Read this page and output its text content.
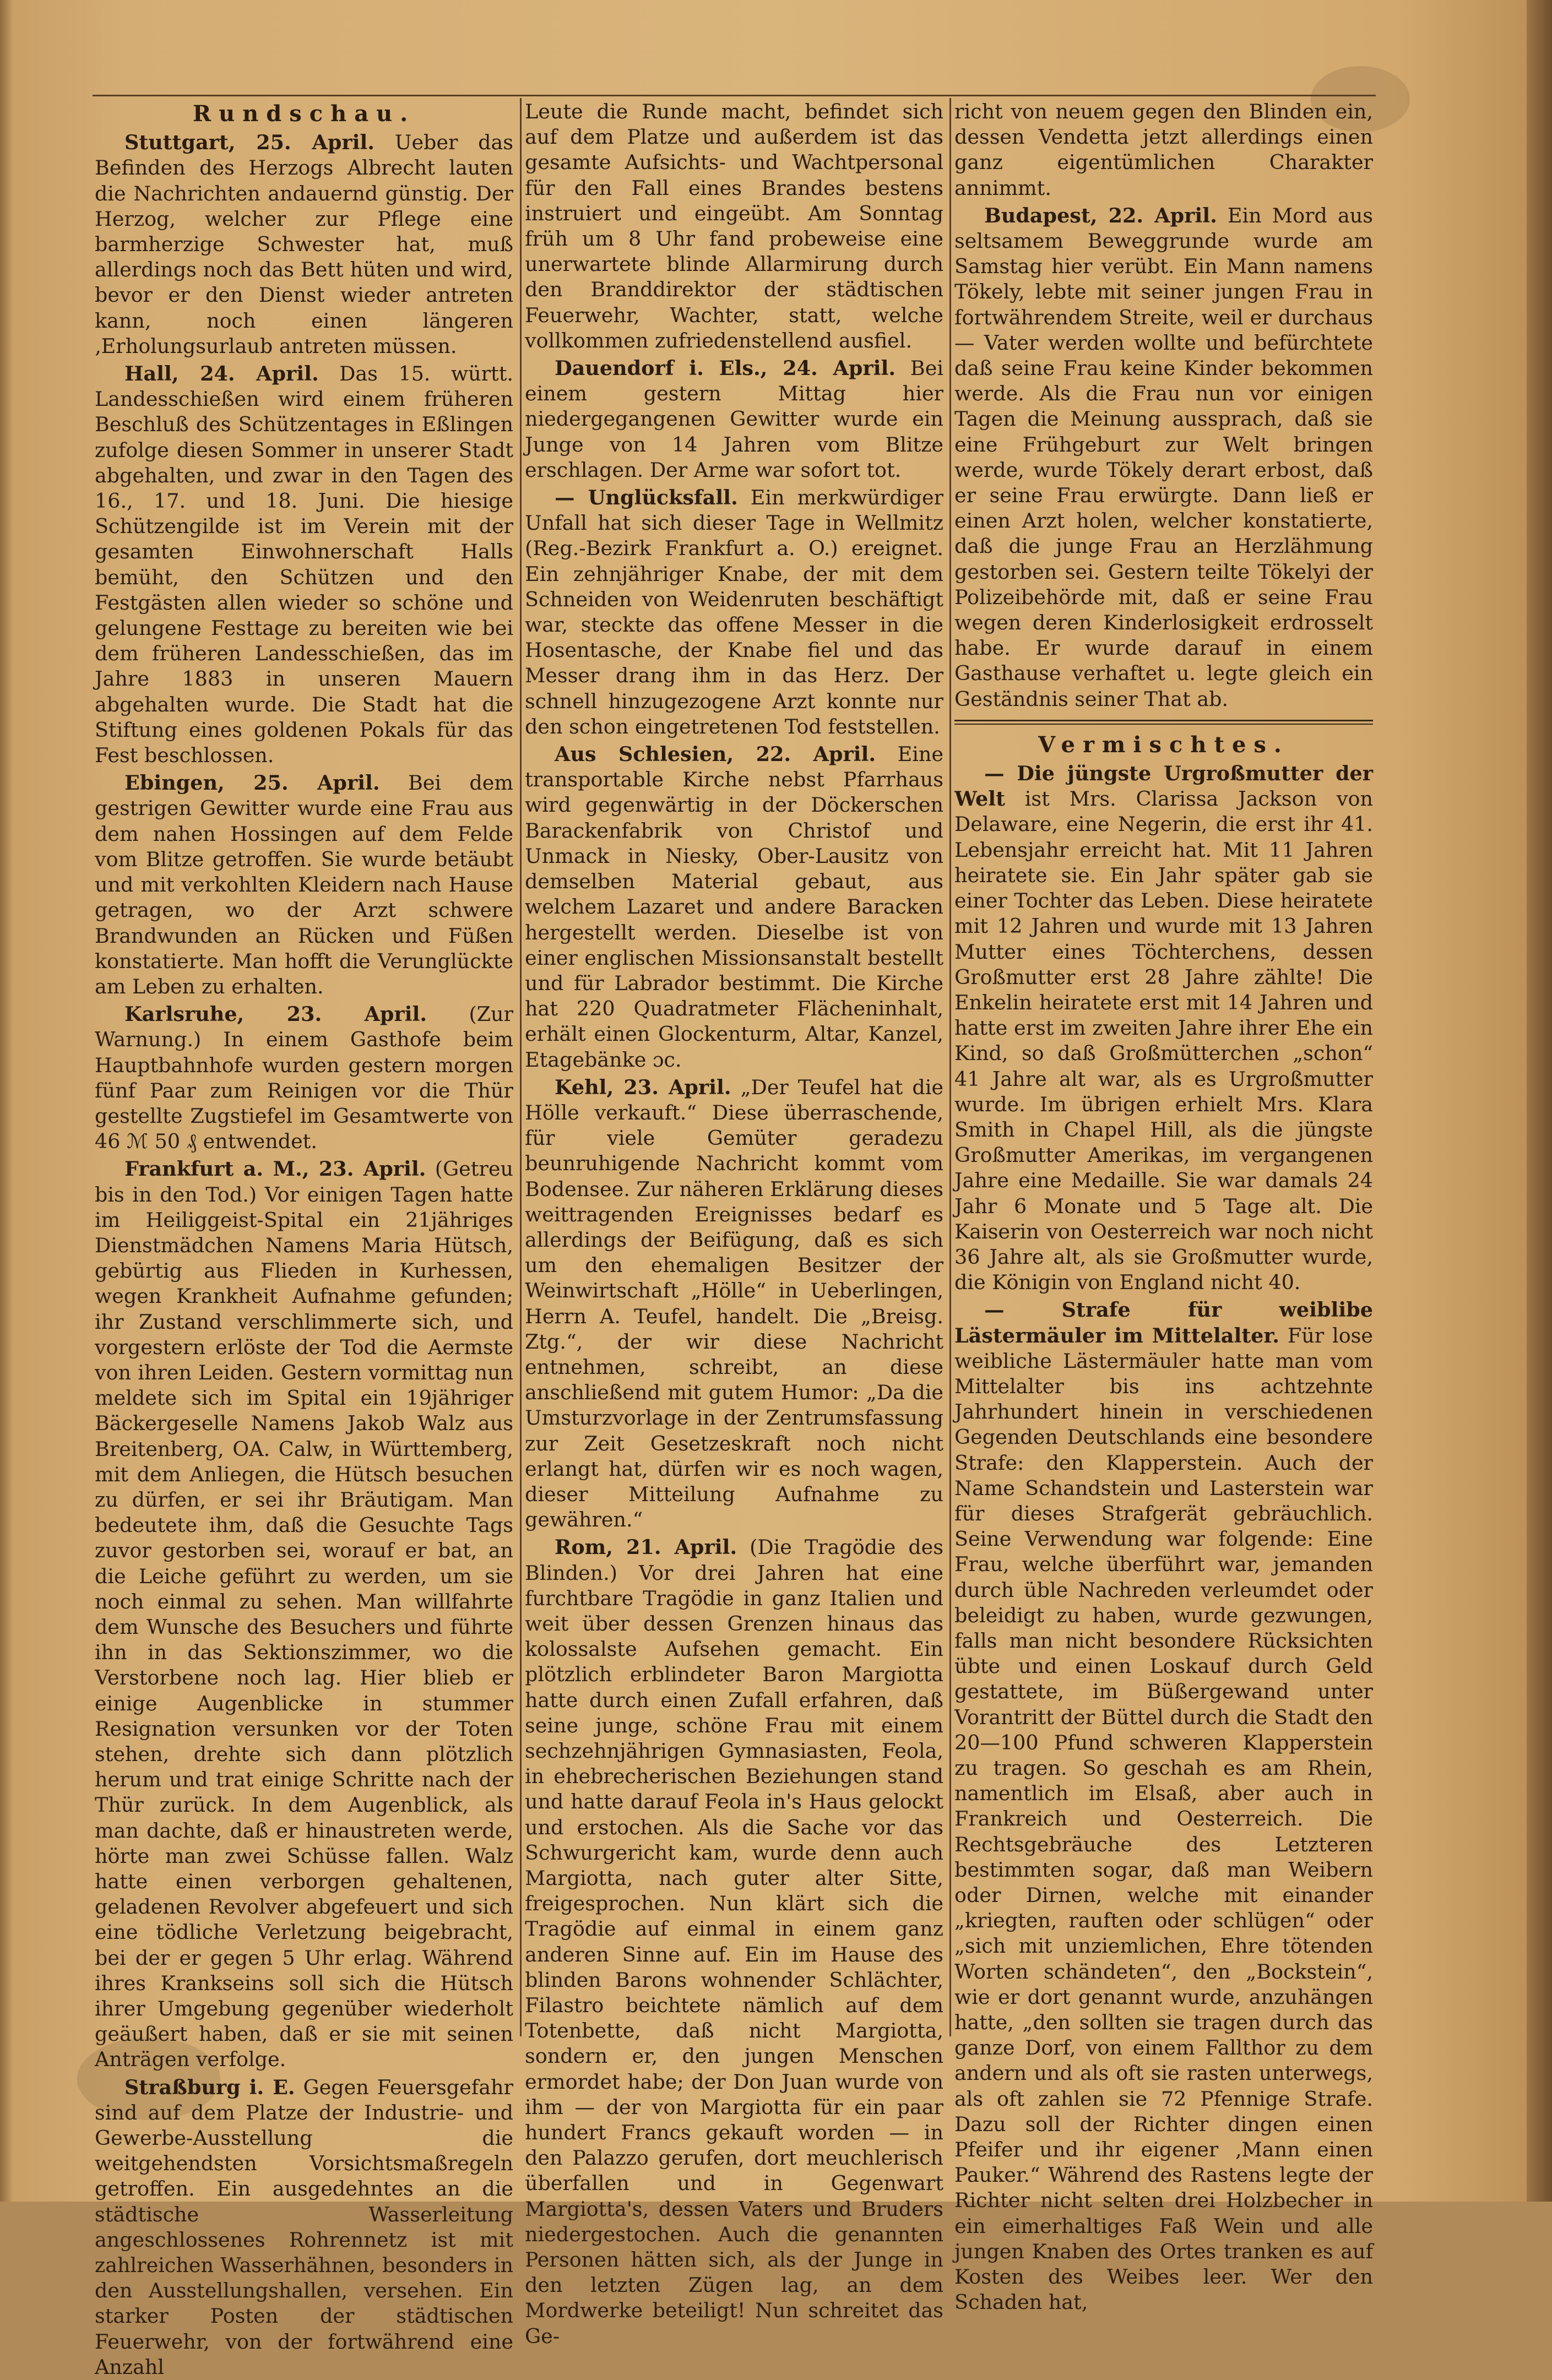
Rundschau.

Stuttgart, 25. April. Ueber das Befinden des Herzogs Albrecht lauten die Nachrichten andauernd günstig. Der Herzog, welcher zur Pflege eine barmherzige Schwester hat, muß allerdings noch das Bett hüten und wird, bevor er den Dienst wieder antreten kann, noch einen längeren ‚Erholungsurlaub antreten müssen.

Hall, 24. April. Das 15. württ. Landesschießen wird einem früheren Beschluß des Schützentages in Eßlingen zufolge diesen Sommer in unserer Stadt abgehalten, und zwar in den Tagen des 16., 17. und 18. Juni. Die hiesige Schützengilde ist im Verein mit der gesamten Einwohnerschaft Halls bemüht, den Schützen und den Festgästen allen wieder so schöne und gelungene Festtage zu bereiten wie bei dem früheren Landesschießen, das im Jahre 1883 in unseren Mauern abgehalten wurde. Die Stadt hat die Stiftung eines goldenen Pokals für das Fest beschlossen.

Ebingen, 25. April. Bei dem gestrigen Gewitter wurde eine Frau aus dem nahen Hossingen auf dem Felde vom Blitze getroffen. Sie wurde betäubt und mit verkohlten Kleidern nach Hause getragen, wo der Arzt schwere Brandwunden an Rücken und Füßen konstatierte. Man hofft die Verunglückte am Leben zu erhalten.

Karlsruhe, 23. April. (Zur Warnung.) In einem Gasthofe beim Hauptbahnhofe wurden gestern morgen fünf Paar zum Reinigen vor die Thür gestellte Zugstiefel im Gesamtwerte von 46 ℳ 50 ₰ entwendet.

Frankfurt a. M., 23. April. (Getreu bis in den Tod.) Vor einigen Tagen hatte im Heiliggeist-Spital ein 21jähriges Dienstmädchen Namens Maria Hütsch, gebürtig aus Flieden in Kurhessen, wegen Krankheit Aufnahme gefunden; ihr Zustand verschlimmerte sich, und vorgestern erlöste der Tod die Aermste von ihren Leiden. Gestern vormittag nun meldete sich im Spital ein 19jähriger Bäckergeselle Namens Jakob Walz aus Breitenberg, OA. Calw, in Württemberg, mit dem Anliegen, die Hütsch besuchen zu dürfen, er sei ihr Bräutigam. Man bedeutete ihm, daß die Gesuchte Tags zuvor gestorben sei, worauf er bat, an die Leiche geführt zu werden, um sie noch einmal zu sehen. Man willfahrte dem Wunsche des Besuchers und führte ihn in das Sektionszimmer, wo die Verstorbene noch lag. Hier blieb er einige Augenblicke in stummer Resignation versunken vor der Toten stehen, drehte sich dann plötzlich herum und trat einige Schritte nach der Thür zurück. In dem Augenblick, als man dachte, daß er hinaustreten werde, hörte man zwei Schüsse fallen. Walz hatte einen verborgen gehaltenen, geladenen Revolver abgefeuert und sich eine tödliche Verletzung beigebracht, bei der er gegen 5 Uhr erlag. Während ihres Krankseins soll sich die Hütsch ihrer Umgebung gegenüber wiederholt geäußert haben, daß er sie mit seinen Anträgen verfolge.

Straßburg i. E. Gegen Feuersgefahr sind auf dem Platze der Industrie- und Gewerbe-Ausstellung die weitgehendsten Vorsichtsmaßregeln getroffen. Ein ausgedehntes an die städtische Wasserleitung angeschlossenes Rohrennetz ist mit zahlreichen Wasserhähnen, besonders in den Ausstellungshallen, versehen. Ein starker Posten der städtischen Feuerwehr, von der fortwährend eine Anzahl

Leute die Runde macht, befindet sich auf dem Platze und außerdem ist das gesamte Aufsichts- und Wachtpersonal für den Fall eines Brandes bestens instruiert und eingeübt. Am Sonntag früh um 8 Uhr fand probeweise eine unerwartete blinde Allarmirung durch den Branddirektor der städtischen Feuerwehr, Wachter, statt, welche vollkommen zufriedenstellend ausfiel.

Dauendorf i. Els., 24. April. Bei einem gestern Mittag hier niedergegangenen Gewitter wurde ein Junge von 14 Jahren vom Blitze erschlagen. Der Arme war sofort tot.

— Unglücksfall. Ein merkwürdiger Unfall hat sich dieser Tage in Wellmitz (Reg.-Bezirk Frankfurt a. O.) ereignet. Ein zehnjähriger Knabe, der mit dem Schneiden von Weidenruten beschäftigt war, steckte das offene Messer in die Hosentasche, der Knabe fiel und das Messer drang ihm in das Herz. Der schnell hinzugezogene Arzt konnte nur den schon eingetretenen Tod feststellen.

Aus Schlesien, 22. April. Eine transportable Kirche nebst Pfarrhaus wird gegenwärtig in der Döckerschen Barackenfabrik von Christof und Unmack in Niesky, Ober-Lausitz von demselben Material gebaut, aus welchem Lazaret und andere Baracken hergestellt werden. Dieselbe ist von einer englischen Missionsanstalt bestellt und für Labrador bestimmt. Die Kirche hat 220 Quadratmeter Flächeninhalt, erhält einen Glockenturm, Altar, Kanzel, Etagebänke ɔc.

Kehl, 23. April. „Der Teufel hat die Hölle verkauft.“ Diese überraschende, für viele Gemüter geradezu beunruhigende Nachricht kommt vom Bodensee. Zur näheren Erklärung dieses weittragenden Ereignisses bedarf es allerdings der Beifügung, daß es sich um den ehemaligen Besitzer der Weinwirtschaft „Hölle“ in Ueberlingen, Herrn A. Teufel, handelt. Die „Breisg. Ztg.“, der wir diese Nachricht entnehmen, schreibt, an diese anschließend mit gutem Humor: „Da die Umsturzvorlage in der Zentrumsfassung zur Zeit Gesetzeskraft noch nicht erlangt hat, dürfen wir es noch wagen, dieser Mitteilung Aufnahme zu gewähren.“

Rom, 21. April. (Die Tragödie des Blinden.) Vor drei Jahren hat eine furchtbare Tragödie in ganz Italien und weit über dessen Grenzen hinaus das kolossalste Aufsehen gemacht. Ein plötzlich erblindeter Baron Margiotta hatte durch einen Zufall erfahren, daß seine junge, schöne Frau mit einem sechzehnjährigen Gymnasiasten, Feola, in ehebrecherischen Beziehungen stand und hatte darauf Feola in's Haus gelockt und erstochen. Als die Sache vor das Schwurgericht kam, wurde denn auch Margiotta, nach guter alter Sitte, freigesprochen. Nun klärt sich die Tragödie auf einmal in einem ganz anderen Sinne auf. Ein im Hause des blinden Barons wohnender Schlächter, Filastro beichtete nämlich auf dem Totenbette, daß nicht Margiotta, sondern er, den jungen Menschen ermordet habe; der Don Juan wurde von ihm — der von Margiotta für ein paar hundert Francs gekauft worden — in den Palazzo gerufen, dort meuchlerisch überfallen und in Gegenwart Margiotta's, dessen Vaters und Bruders niedergestochen. Auch die genannten Personen hätten sich, als der Junge in den letzten Zügen lag, an dem Mordwerke beteiligt! Nun schreitet das Ge-

richt von neuem gegen den Blinden ein, dessen Vendetta jetzt allerdings einen ganz eigentümlichen Charakter annimmt.

Budapest, 22. April. Ein Mord aus seltsamem Beweggrunde wurde am Samstag hier verübt. Ein Mann namens Tökely, lebte mit seiner jungen Frau in fortwährendem Streite, weil er durchaus — Vater werden wollte und befürchtete daß seine Frau keine Kinder bekommen werde. Als die Frau nun vor einigen Tagen die Meinung aussprach, daß sie eine Frühgeburt zur Welt bringen werde, wurde Tökely derart erbost, daß er seine Frau erwürgte. Dann ließ er einen Arzt holen, welcher konstatierte, daß die junge Frau an Herzlähmung gestorben sei. Gestern teilte Tökelyi der Polizeibehörde mit, daß er seine Frau wegen deren Kinderlosigkeit erdrosselt habe. Er wurde darauf in einem Gasthause verhaftet u. legte gleich ein Geständnis seiner That ab.

Vermischtes.

— Die jüngste Urgroßmutter der Welt ist Mrs. Clarissa Jackson von Delaware, eine Negerin, die erst ihr 41. Lebensjahr erreicht hat. Mit 11 Jahren heiratete sie. Ein Jahr später gab sie einer Tochter das Leben. Diese heiratete mit 12 Jahren und wurde mit 13 Jahren Mutter eines Töchterchens, dessen Großmutter erst 28 Jahre zählte! Die Enkelin heiratete erst mit 14 Jahren und hatte erst im zweiten Jahre ihrer Ehe ein Kind, so daß Großmütterchen „schon“ 41 Jahre alt war, als es Urgroßmutter wurde. Im übrigen erhielt Mrs. Klara Smith in Chapel Hill, als die jüngste Großmutter Amerikas, im vergangenen Jahre eine Medaille. Sie war damals 24 Jahr 6 Monate und 5 Tage alt. Die Kaiserin von Oesterreich war noch nicht 36 Jahre alt, als sie Großmutter wurde, die Königin von England nicht 40.

— Strafe für weiblibe Lästermäuler im Mittelalter. Für lose weibliche Lästermäuler hatte man vom Mittelalter bis ins achtzehnte Jahrhundert hinein in verschiedenen Gegenden Deutschlands eine besondere Strafe: den Klapperstein. Auch der Name Schandstein und Lasterstein war für dieses Strafgerät gebräuchlich. Seine Verwendung war folgende: Eine Frau, welche überführt war, jemanden durch üble Nachreden verleumdet oder beleidigt zu haben, wurde gezwungen, falls man nicht besondere Rücksichten übte und einen Loskauf durch Geld gestattete, im Büßergewand unter Vorantritt der Büttel durch die Stadt den 20—100 Pfund schweren Klapperstein zu tragen. So geschah es am Rhein, namentlich im Elsaß, aber auch in Frankreich und Oesterreich. Die Rechtsgebräuche des Letzteren bestimmten sogar, daß man Weibern oder Dirnen, welche mit einander „kriegten, rauften oder schlügen“ oder „sich mit unziemlichen, Ehre tötenden Worten schändeten“, den „Bockstein“, wie er dort genannt wurde, anzuhängen hatte, „den sollten sie tragen durch das ganze Dorf, von einem Fallthor zu dem andern und als oft sie rasten unterwegs, als oft zahlen sie 72 Pfennige Strafe. Dazu soll der Richter dingen einen Pfeifer und ihr eigener ‚Mann einen Pauker.“ Während des Rastens legte der Richter nicht selten drei Holzbecher in ein eimerhaltiges Faß Wein und alle jungen Knaben des Ortes tranken es auf Kosten des Weibes leer. Wer den Schaden hat,
